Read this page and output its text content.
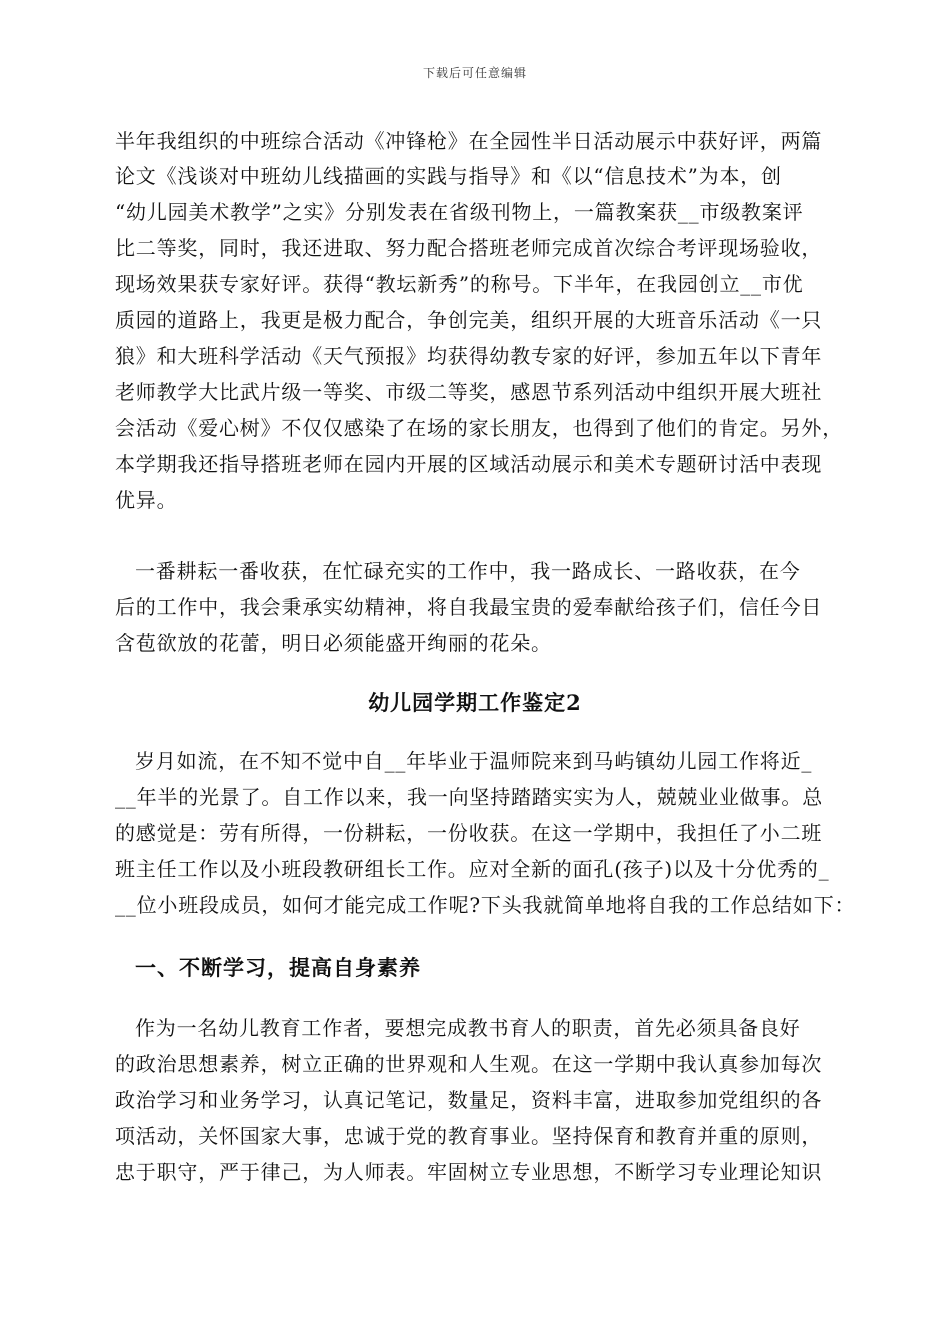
下载后可任意编辑
半年我组织的中班综合活动《冲锋枪》在全园性半日活动展示中获好评，两篇
论文《浅谈对中班幼儿线描画的实践与指导》和《以“信息技术”为本，创
“幼儿园美术教学”之实》分别发表在省级刊物上，一篇教案获__市级教案评
比二等奖，同时，我还进取、努力配合搭班老师完成首次综合考评现场验收，
现场效果获专家好评。获得“教坛新秀”的称号。下半年，在我园创立__市优
质园的道路上，我更是极力配合，争创完美，组织开展的大班音乐活动《一只
狼》和大班科学活动《天气预报》均获得幼教专家的好评，参加五年以下青年
老师教学大比武片级一等奖、市级二等奖，感恩节系列活动中组织开展大班社
会活动《爱心树》不仅仅感染了在场的家长朋友，也得到了他们的肯定。另外，
本学期我还指导搭班老师在园内开展的区域活动展示和美术专题研讨活中表现
优异。
一番耕耘一番收获，在忙碌充实的工作中，我一路成长、一路收获，在今
后的工作中，我会秉承实幼精神，将自我最宝贵的爱奉献给孩子们，信任今日
含苞欲放的花蕾，明日必须能盛开绚丽的花朵。
幼儿园学期工作鉴定2
岁月如流，在不知不觉中自__年毕业于温师院来到马屿镇幼儿园工作将近_
__年半的光景了。自工作以来，我一向坚持踏踏实实为人，兢兢业业做事。总
的感觉是：劳有所得，一份耕耘，一份收获。在这一学期中，我担任了小二班
班主任工作以及小班段教研组长工作。应对全新的面孔(孩子)以及十分优秀的_
__位小班段成员，如何才能完成工作呢?下头我就简单地将自我的工作总结如下：
一、不断学习，提高自身素养
作为一名幼儿教育工作者，要想完成教书育人的职责，首先必须具备良好
的政治思想素养，树立正确的世界观和人生观。在这一学期中我认真参加每次
政治学习和业务学习，认真记笔记，数量足，资料丰富，进取参加党组织的各
项活动，关怀国家大事，忠诚于党的教育事业。坚持保育和教育并重的原则，
忠于职守，严于律己，为人师表。牢固树立专业思想，不断学习专业理论知识
